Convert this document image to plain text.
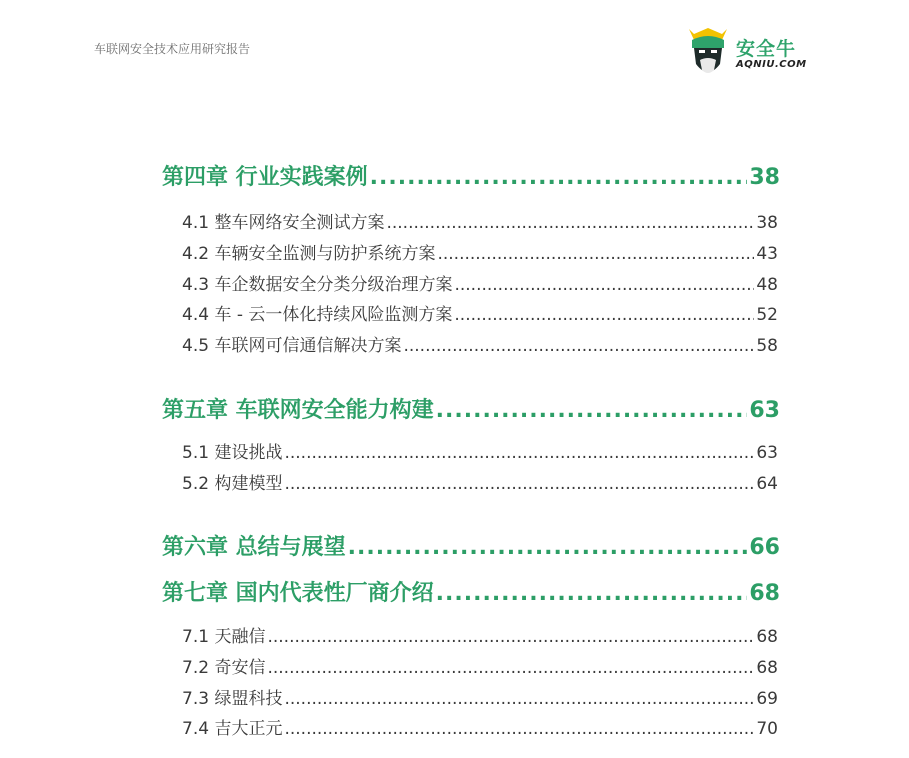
车联网安全技术应用研究报告	安全牛
AQNIU.COM
第四章 行业实践案例 .....	38
4.1 整车网络安全测试方案 .....	38
4.2 车辆安全监测与防护系统方案 .....	43
4.3 车企数据安全分类分级治理方案 .....	48
4.4 车 - 云一体化持续风险监测方案 .....	52
4.5 车联网可信通信解决方案 .....	58
第五章 车联网安全能力构建 .....	63
5.1 建设挑战 .....	63
5.2 构建模型 .....	64
第六章 总结与展望 .....	66
第七章 国内代表性厂商介绍 .....	68
7.1 天融信 .....	68
7.2 奇安信 .....	68
7.3 绿盟科技 .....	69
7.4 吉大正元 .....	70
